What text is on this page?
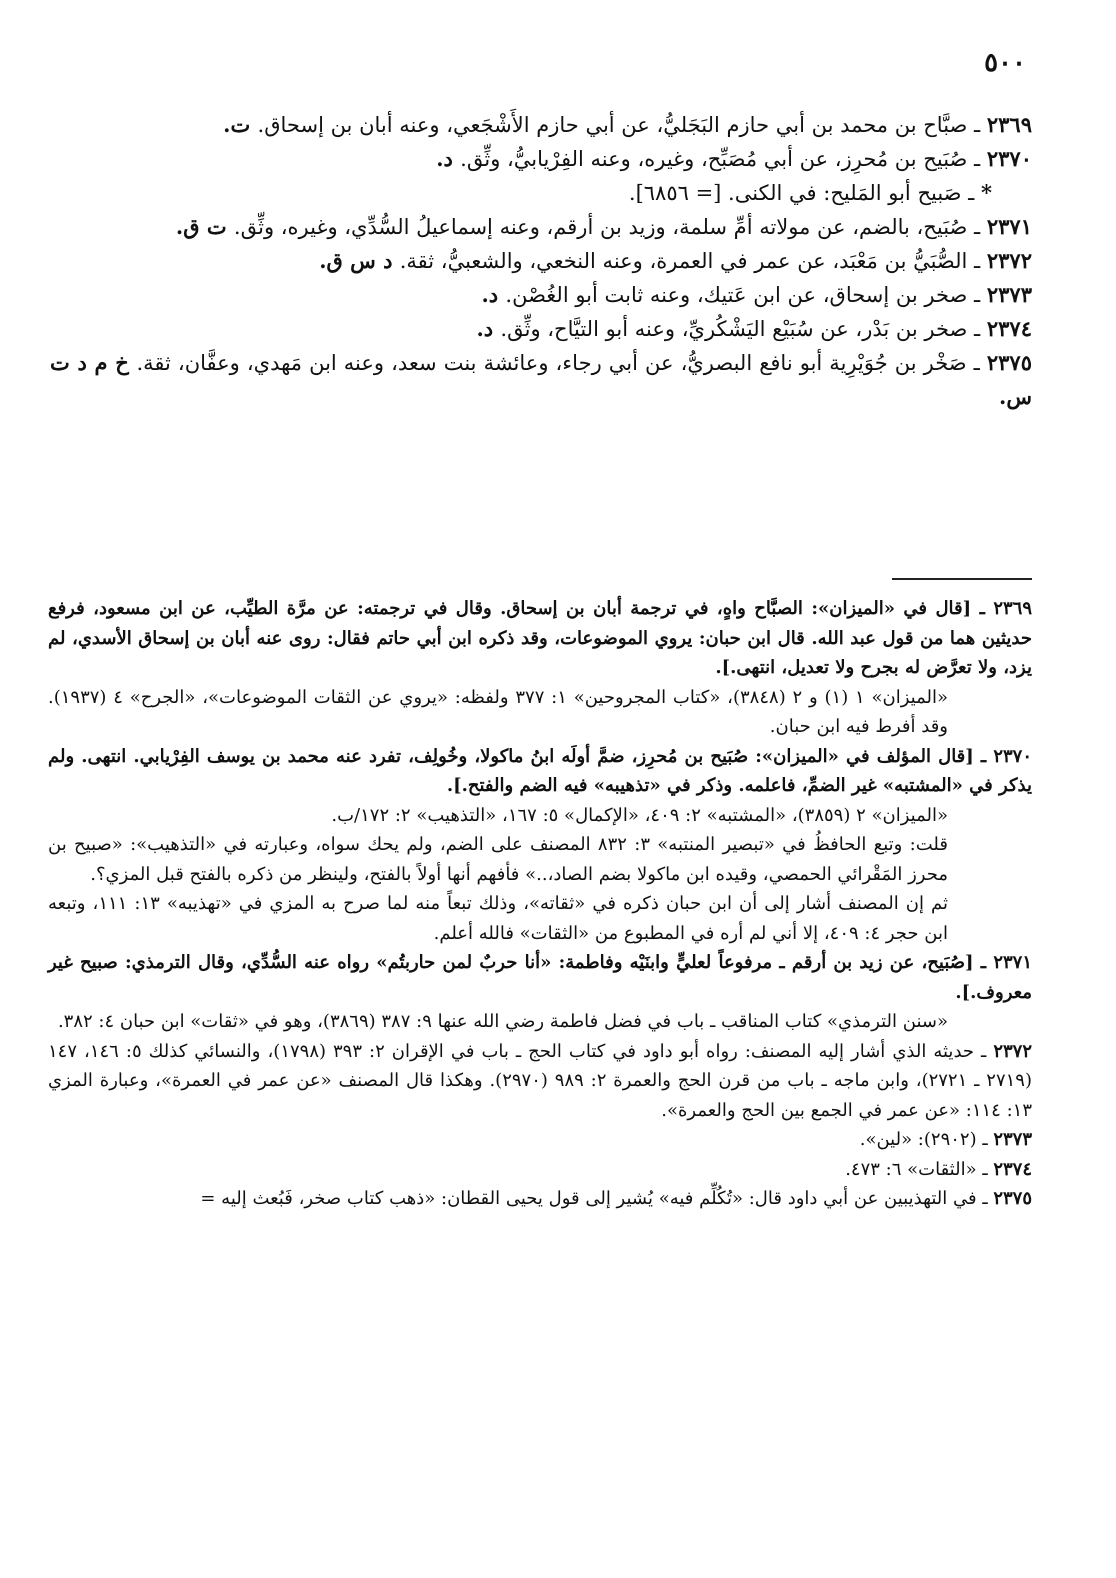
٥٠٠

٢٣٦٩ ـ صبَّاح بن محمد بن أبي حازم البَجَليُّ، عن أبي حازم الأَشْجَعي، وعنه أبان بن إسحاق. ت.

٢٣٧٠ ـ صُبَيح بن مُحرِز، عن أبي مُصَبِّح، وغيره، وعنه الفِرْيابيُّ، وثِّق. د.

* ـ صَبيح أبو المَليح: في الكنى. [= ٦٨٥٦].

٢٣٧١ ـ صُبَيح، بالضم، عن مولاته أمِّ سلمة، وزيد بن أرقم، وعنه إسماعيلُ السُّدِّي، وغيره، وثِّق. ت ق.

٢٣٧٢ ـ الصُّبَيُّ بن مَعْبَد، عن عمر في العمرة، وعنه النخعي، والشعبيُّ، ثقة. د س ق.

٢٣٧٣ ـ صخر بن إسحاق، عن ابن عَتيك، وعنه ثابت أبو الغُصْن. د.

٢٣٧٤ ـ صخر بن بَدْر، عن سُبَيْع اليَشْكُريِّ، وعنه أبو التيَّاح، وثِّق. د.

٢٣٧٥ ـ صَخْر بن جُوَيْرِية أبو نافع البصريُّ، عن أبي رجاء، وعائشة بنت سعد، وعنه ابن مَهدي، وعفَّان، ثقة. خ م د ت س.

٢٣٦٩ ـ [قال في «الميزان»: الصبَّاح واهٍ، في ترجمة أبان بن إسحاق. وقال في ترجمته: عن مرَّة الطيِّب، عن ابن مسعود، فرفع حديثين هما من قول عبد الله. قال ابن حبان: يروي الموضوعات، وقد ذكره ابن أبي حاتم فقال: روى عنه أبان بن إسحاق الأسدي، لم يزد، ولا تعرَّض له بجرح ولا تعديل، انتهى.].

«الميزان» ١ (١) و ٢ (٣٨٤٨)، «كتاب المجروحين» ١: ٣٧٧ ولفظه: «يروي عن الثقات الموضوعات»، «الجرح» ٤ (١٩٣٧). وقد أفرط فيه ابن حبان.

٢٣٧٠ ـ [قال المؤلف في «الميزان»: صُبَيح بن مُحرِز، ضمَّ أولَه ابنُ ماكولا، وخُولِف، تفرد عنه محمد بن يوسف الفِرْيابي. انتهى. ولم يذكر في «المشتبه» غير الضمِّ، فاعلمه. وذكر في «تذهيبه» فيه الضم والفتح.].

«الميزان» ٢ (٣٨٥٩)، «المشتبه» ٢: ٤٠٩، «الإكمال» ٥: ١٦٧، «التذهيب» ٢: ١٧٢/ب.

قلت: وتبع الحافظُ في «تبصير المنتبه» ٣: ٨٣٢ المصنف على الضم، ولم يحك سواه، وعبارته في «التذهيب»: «صبيح بن محرز المَقْرائي الحمصي، وقيده ابن ماكولا بضم الصاد،..» فأفهم أنها أولاً بالفتح، ولينظر من ذكره بالفتح قبل المزي؟.

ثم إن المصنف أشار إلى أن ابن حبان ذكره في «ثقاته»، وذلك تبعاً منه لما صرح به المزي في «تهذيبه» ١٣: ١١١، وتبعه ابن حجر ٤: ٤٠٩، إلا أني لم أره في المطبوع من «الثقات» فالله أعلم.

٢٣٧١ ـ [صُبَيح، عن زيد بن أرقم ـ مرفوعاً لعليٍّ وابنَيْه وفاطمة: «أنا حربٌ لمن حاربتُم» رواه عنه السُّدِّي، وقال الترمذي: صبيح غير معروف.].

«سنن الترمذي» كتاب المناقب ـ باب في فضل فاطمة رضي الله عنها ٩: ٣٨٧ (٣٨٦٩)، وهو في «ثقات» ابن حبان ٤: ٣٨٢.

٢٣٧٢ ـ حديثه الذي أشار إليه المصنف: رواه أبو داود في كتاب الحج ـ باب في الإقران ٢: ٣٩٣ (١٧٩٨)، والنسائي كذلك ٥: ١٤٦، ١٤٧ (٢٧١٩ ـ ٢٧٢١)، وابن ماجه ـ باب من قرن الحج والعمرة ٢: ٩٨٩ (٢٩٧٠). وهكذا قال المصنف «عن عمر في العمرة»، وعبارة المزي ١٣: ١١٤: «عن عمر في الجمع بين الحج والعمرة».

٢٣٧٣ ـ (٢٩٠٢): «لين».

٢٣٧٤ ـ «الثقات» ٦: ٤٧٣.

٢٣٧٥ ـ في التهذيبين عن أبي داود قال: «تُكُلِّم فيه» يُشير إلى قول يحيى القطان: «ذهب كتاب صخر، فَبُعث إليه =
